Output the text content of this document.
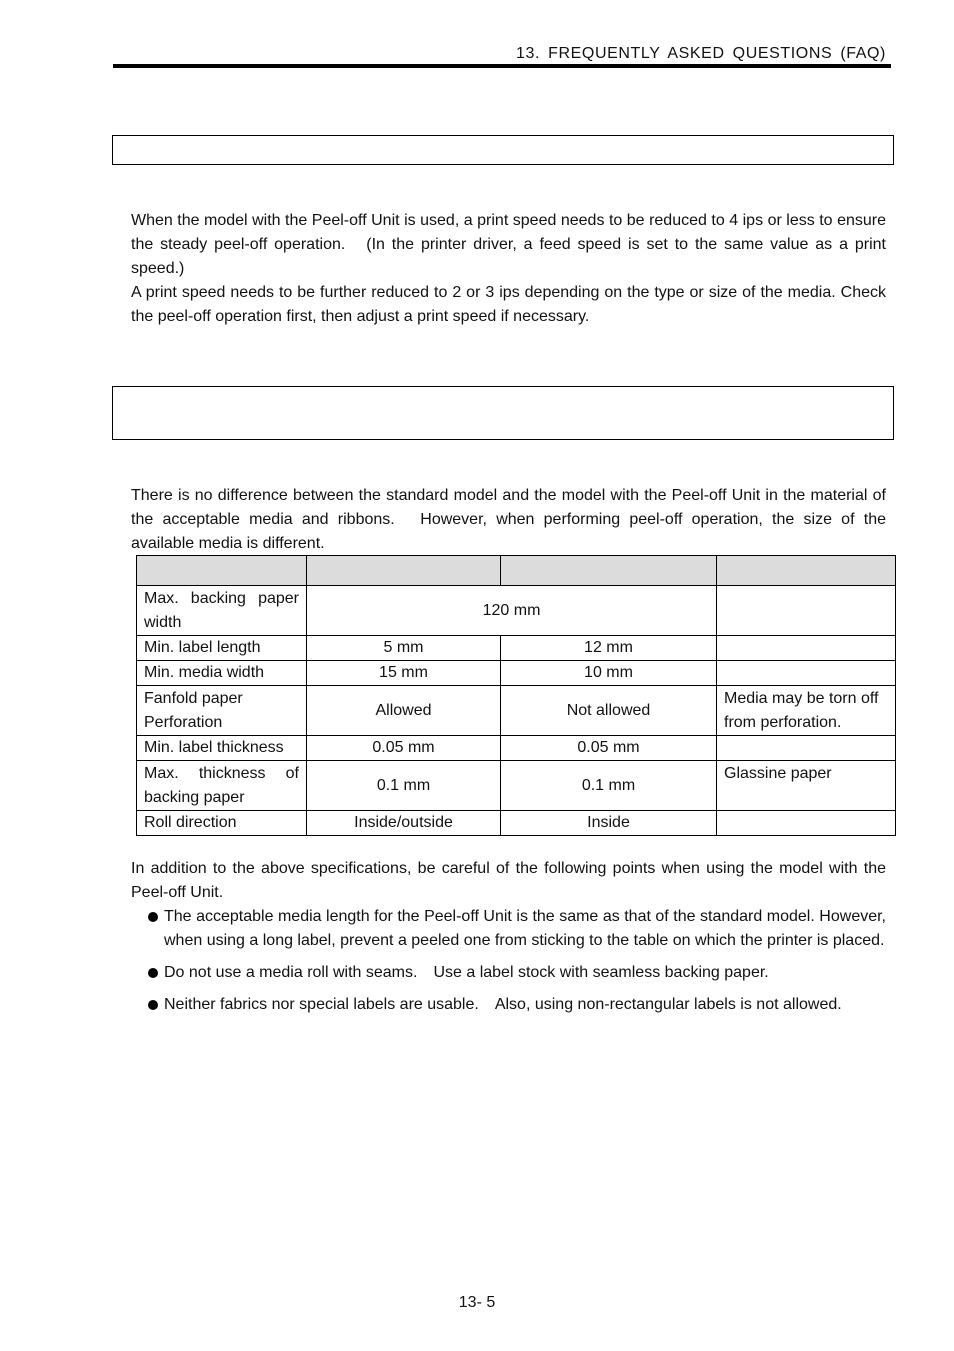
13. FREQUENTLY ASKED QUESTIONS (FAQ)
When the model with the Peel-off Unit is used, a print speed needs to be reduced to 4 ips or less to ensure the steady peel-off operation.　(In the printer driver, a feed speed is set to the same value as a print speed.)
A print speed needs to be further reduced to 2 or 3 ips depending on the type or size of the media. Check the peel-off operation first, then adjust a print speed if necessary.
There is no difference between the standard model and the model with the Peel-off Unit in the material of the acceptable media and ribbons.　However, when performing peel-off operation, the size of the available media is different.

Max. backing paper width	120 mm		
Min. label length	5 mm	12 mm	
Min. media width	15 mm	10 mm	

Fanfold paper
Perforation	Allowed	Not allowed	Media may be torn off from perforation.
Min. label thickness	0.05 mm	0.05 mm	

Max. thickness of
backing paper	0.1 mm	0.1 mm	Glassine paper
Roll direction	Inside/outside	Inside	
In addition to the above specifications, be careful of the following points when using the model with the Peel-off Unit.
The acceptable media length for the Peel-off Unit is the same as that of the standard model. However, when using a long label, prevent a peeled one from sticking to the table on which the printer is placed.
Do not use a media roll with seams.　Use a label stock with seamless backing paper.
Neither fabrics nor special labels are usable.　Also, using non-rectangular labels is not allowed.
13- 5
